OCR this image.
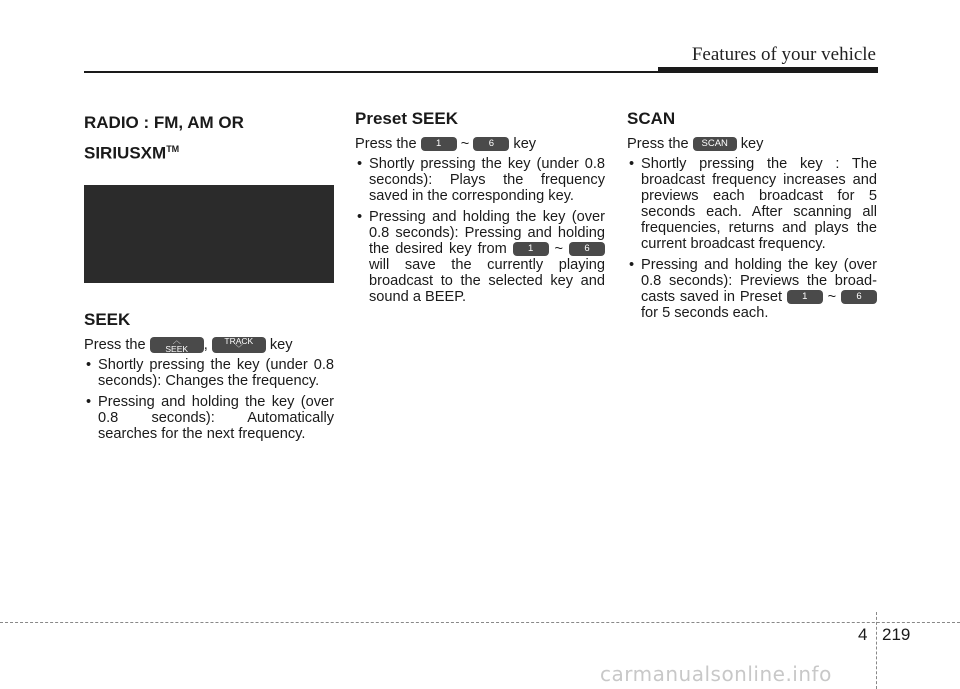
Features of your vehicle
RADIO : FM, AM OR
SIRIUSXM™
SEEK

Press the	︿
SEEK , TRACK
﹀	key

• Shortly pressing the key (under 0.8 seconds): Changes the frequency.
• Pressing and holding the key (over 0.8 seconds): Automatically searches for the next frequency.
Preset SEEK

Press the 1 ~ 6 key

• Shortly pressing the key (under 0.8 seconds): Plays the frequency saved in the corresponding key.
• Pressing and holding the key (over 0.8 seconds): Pressing and holding the desired key from 1 ~ 6 will save the currently playing broadcast to the selected key and sound a BEEP.
SCAN

Press the SCAN key

• Shortly pressing the key : The broadcast frequency increases and previews each broadcast for 5 seconds each. After scanning all frequencies, returns and plays the current broadcast frequency.
• Pressing and holding the key (over 0.8 seconds): Previews the broad-casts saved in Preset 1 ~ 6 for 5 seconds each.
4 219
carmanualsonline.info
